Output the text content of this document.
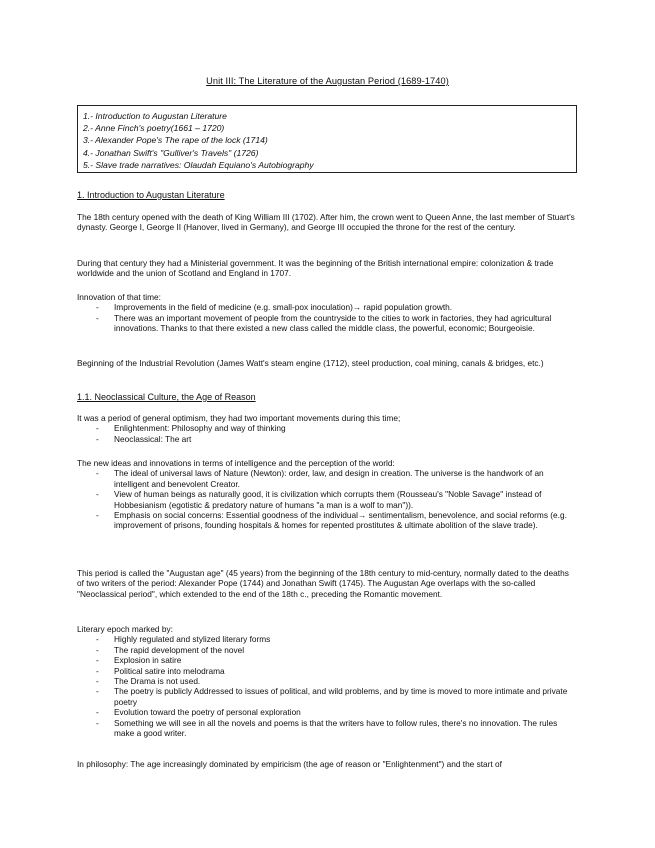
Unit III: The Literature of the Augustan Period (1689-1740)
1.- Introduction to Augustan Literature
2.- Anne Finch's poetry(1661 – 1720)
3.- Alexander Pope's The rape of the lock (1714)
4.- Jonathan Swift's "Gulliver's Travels" (1726)
5.- Slave trade narratives: Olaudah Equiano's Autobiography
1. Introduction to Augustan Literature

The 18th century opened with the death of King William III (1702). After him, the crown went to Queen Anne, the last member of Stuart's dynasty. George I, George II (Hanover, lived in Germany), and George III occupied the throne for the rest of the century.

During that century they had a Ministerial government. It was the beginning of the British international empire: colonization & trade worldwide and the union of Scotland and England in 1707.

Innovation of that time:
- Improvements in the field of medicine (e.g. small-pox inoculation)→ rapid population growth.
- There was an important movement of people from the countryside to the cities to work in factories, they had agricultural innovations. Thanks to that there existed a new class called the middle class, the powerful, economic; Bourgeoisie.

Beginning of the Industrial Revolution (James Watt's steam engine (1712), steel production, coal mining, canals & bridges, etc.)

1.1. Neoclassical Culture, the Age of Reason
It was a period of general optimism, they had two important movements during this time;
- Enlightenment: Philosophy and way of thinking
- Neoclassical: The art
The new ideas and innovations in terms of intelligence and the perception of the world:
- The ideal of universal laws of Nature (Newton): order, law, and design in creation. The universe is the handwork of an intelligent and benevolent Creator.
- View of human beings as naturally good, it is civilization which corrupts them (Rousseau's "Noble Savage" instead of Hobbesianism (egotistic & predatory nature of humans "a man is a wolf to man")).
- Emphasis on social concerns: Essential goodness of the individual→ sentimentalism, benevolence, and social reforms (e.g. improvement of prisons, founding hospitals & homes for repented prostitutes & ultimate abolition of the slave trade).

This period is called the "Augustan age" (45 years) from the beginning of the 18th century to mid-century, normally dated to the deaths of two writers of the period: Alexander Pope (1744) and Jonathan Swift (1745). The Augustan Age overlaps with the so-called "Neoclassical period", which extended to the end of the 18th c., preceding the Romantic movement.

Literary epoch marked by:
- Highly regulated and stylized literary forms
- The rapid development of the novel
- Explosion in satire
- Political satire into melodrama
- The Drama is not used.
- The poetry is publicly Addressed to issues of political, and wild problems, and by time is moved to more intimate and private poetry
- Evolution toward the poetry of personal exploration
- Something we will see in all the novels and poems is that the writers have to follow rules, there's no innovation. The rules make a good writer.

In philosophy: The age increasingly dominated by empiricism (the age of reason or "Enlightenment") and the start of
